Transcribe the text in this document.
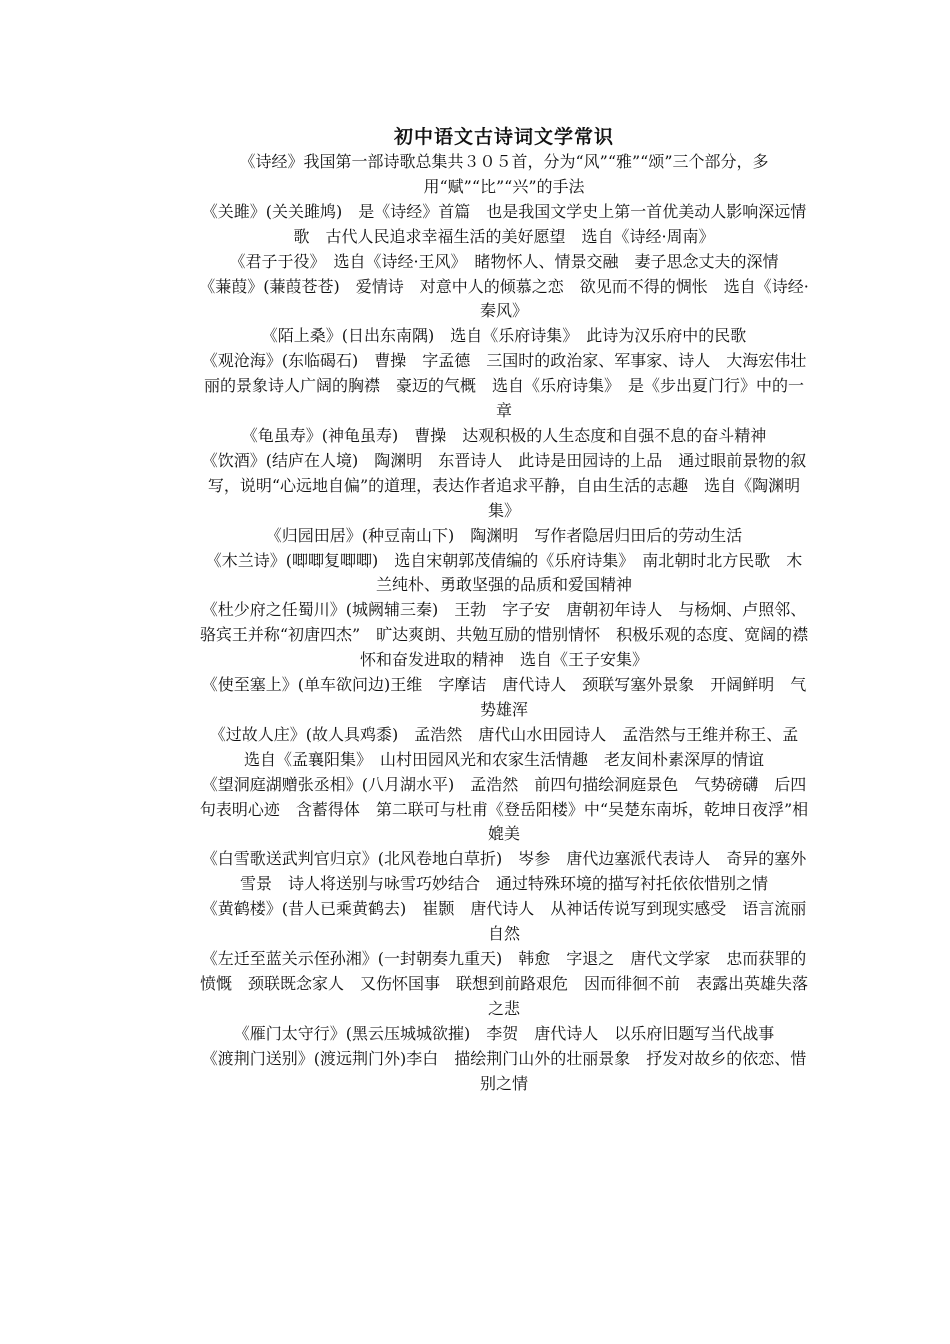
初中语文古诗词文学常识

《诗经》我国第一部诗歌总集共３０５首，分为“风”“雅”“颂”三个部分，多用“赋”“比”“兴”的手法

《关雎》(关关雎鸠)　是《诗经》首篇　也是我国文学史上第一首优美动人影响深远情歌　古代人民追求幸福生活的美好愿望　选自《诗经·周南》

《君子于役》　选自《诗经·王风》　睹物怀人、情景交融　妻子思念丈夫的深情

《蒹葭》(蒹葭苍苍)　爱情诗　对意中人的倾慕之恋　欲见而不得的惆怅　选自《诗经·秦风》

《陌上桑》(日出东南隅)　选自《乐府诗集》　此诗为汉乐府中的民歌

《观沧海》(东临碣石)　曹操　字孟德　三国时的政治家、军事家、诗人　大海宏伟壮丽的景象诗人广阔的胸襟　豪迈的气概　选自《乐府诗集》　是《步出夏门行》中的一章

《龟虽寿》(神龟虽寿)　曹操　达观积极的人生态度和自强不息的奋斗精神

《饮酒》(结庐在人境)　陶渊明　东晋诗人　此诗是田园诗的上品　通过眼前景物的叙写，说明“心远地自偏”的道理，表达作者追求平静，自由生活的志趣　选自《陶渊明集》

《归园田居》(种豆南山下)　陶渊明　写作者隐居归田后的劳动生活

《木兰诗》(唧唧复唧唧)　选自宋朝郭茂倩编的《乐府诗集》　南北朝时北方民歌　木兰纯朴、勇敢坚强的品质和爱国精神

《杜少府之任蜀川》(城阙辅三秦)　王勃　字子安　唐朝初年诗人　与杨炯、卢照邻、骆宾王并称“初唐四杰”　旷达爽朗、共勉互励的惜别情怀　积极乐观的态度、宽阔的襟怀和奋发进取的精神　选自《王子安集》

《使至塞上》(单车欲问边)王维　字摩诘　唐代诗人　颈联写塞外景象　开阔鲜明　气势雄浑

《过故人庄》(故人具鸡黍)　孟浩然　唐代山水田园诗人　孟浩然与王维并称王、孟　选自《孟襄阳集》　山村田园风光和农家生活情趣　老友间朴素深厚的情谊

《望洞庭湖赠张丞相》(八月湖水平)　孟浩然　前四句描绘洞庭景色　气势磅礴　后四句表明心迹　含蓄得体　第二联可与杜甫《登岳阳楼》中“吴楚东南坼，乾坤日夜浮”相媲美

《白雪歌送武判官归京》(北风卷地白草折)　岑参　唐代边塞派代表诗人　奇异的塞外雪景　诗人将送别与咏雪巧妙结合　通过特殊环境的描写衬托依依惜别之情

《黄鹤楼》(昔人已乘黄鹤去)　崔颢　唐代诗人　从神话传说写到现实感受　语言流丽自然

《左迁至蓝关示侄孙湘》(一封朝奏九重天)　韩愈　字退之　唐代文学家　忠而获罪的愤慨　颈联既念家人　又伤怀国事　联想到前路艰危　因而徘徊不前　表露出英雄失落之悲

《雁门太守行》(黑云压城城欲摧)　李贺　唐代诗人　以乐府旧题写当代战事

《渡荆门送别》(渡远荆门外)李白　描绘荆门山外的壮丽景象　抒发对故乡的依恋、惜别之情
